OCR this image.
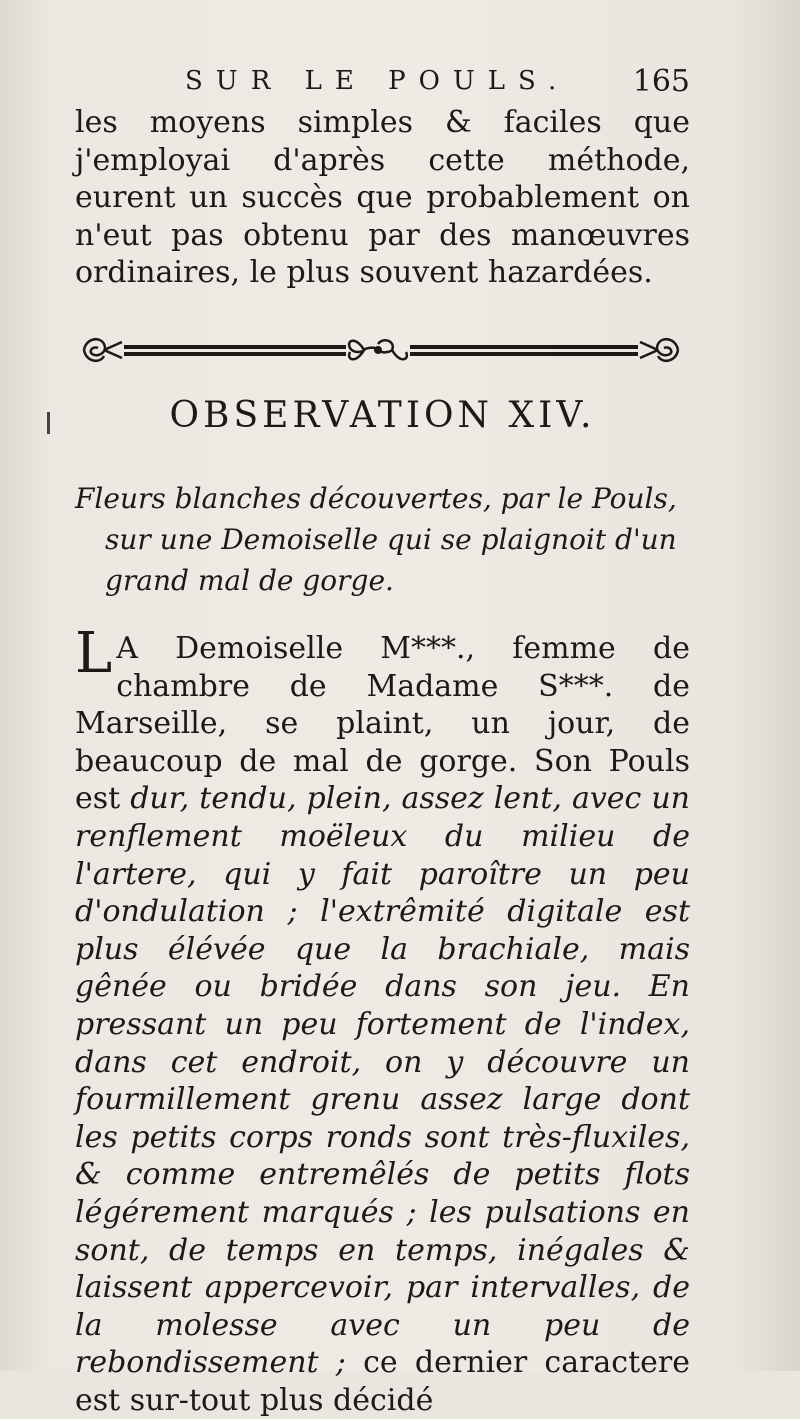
SUR LE POULS. 165

les moyens simples & faciles que j'employai d'après cette méthode, eurent un succès que probablement on n'eut pas obtenu par des manœuvres ordinaires, le plus souvent hazardées.

OBSERVATION XIV.
Fleurs blanches découvertes, par le Pouls,
sur une Demoiselle qui se plaignoit d'un
grand mal de gorge.

L A Demoiselle M***., femme de chambre de Madame S***. de Marseille, se plaint, un jour, de beaucoup de mal de gorge. Son Pouls est dur, tendu, plein, assez lent, avec un renflement moëleux du milieu de l'artere, qui y fait paroître un peu d'ondulation ; l'extrêmité digitale est plus élévée que la brachiale, mais gênée ou bridée dans son jeu. En pressant un peu fortement de l'index, dans cet endroit, on y découvre un fourmillement grenu assez large dont les petits corps ronds sont très-fluxiles, & comme entremêlés de petits flots légérement marqués ; les pulsations en sont, de temps en temps, inégales & laissent appercevoir, par intervalles, de la molesse avec un peu de rebondissement ; ce dernier caractere est sur-tout plus décidé
